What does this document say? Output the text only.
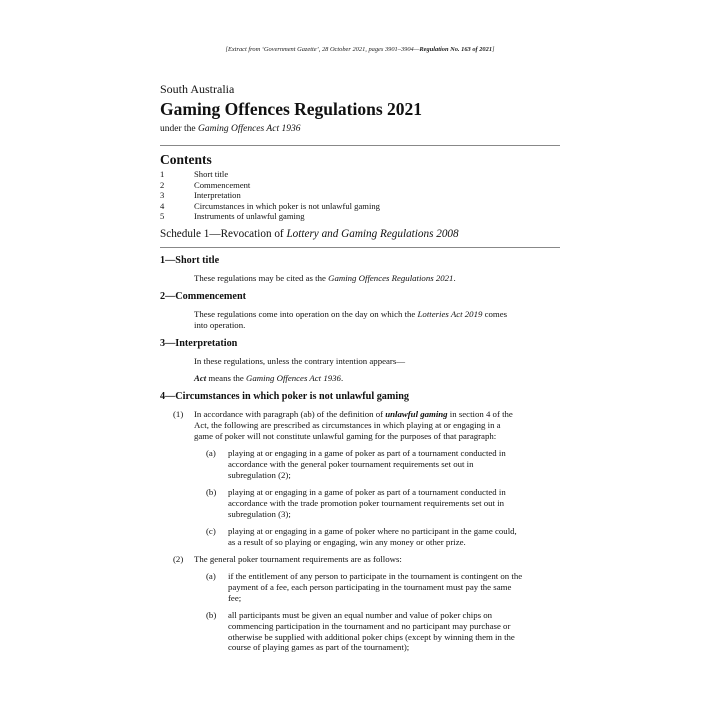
[Extract from ‘Government Gazette’, 28 October 2021, pages 3901–3904—Regulation No. 163 of 2021]
South Australia
Gaming Offences Regulations 2021
under the Gaming Offences Act 1936
Contents
1	Short title
2	Commencement
3	Interpretation
4	Circumstances in which poker is not unlawful gaming
5	Instruments of unlawful gaming
Schedule 1—Revocation of Lottery and Gaming Regulations 2008
1—Short title
These regulations may be cited as the Gaming Offences Regulations 2021.
2—Commencement
These regulations come into operation on the day on which the Lotteries Act 2019 comes
into operation.
3—Interpretation
In these regulations, unless the contrary intention appears—
Act means the Gaming Offences Act 1936.
4—Circumstances in which poker is not unlawful gaming
(1) In accordance with paragraph (ab) of the definition of unlawful gaming in section 4 of the
Act, the following are prescribed as circumstances in which playing at or engaging in a
game of poker will not constitute unlawful gaming for the purposes of that paragraph:
(a) playing at or engaging in a game of poker as part of a tournament conducted in
accordance with the general poker tournament requirements set out in
subregulation (2);
(b) playing at or engaging in a game of poker as part of a tournament conducted in
accordance with the trade promotion poker tournament requirements set out in
subregulation (3);
(c) playing at or engaging in a game of poker where no participant in the game could,
as a result of so playing or engaging, win any money or other prize.
(2) The general poker tournament requirements are as follows:
(a) if the entitlement of any person to participate in the tournament is contingent on the
payment of a fee, each person participating in the tournament must pay the same
fee;
(b) all participants must be given an equal number and value of poker chips on
commencing participation in the tournament and no participant may purchase or
otherwise be supplied with additional poker chips (except by winning them in the
course of playing games as part of the tournament);
